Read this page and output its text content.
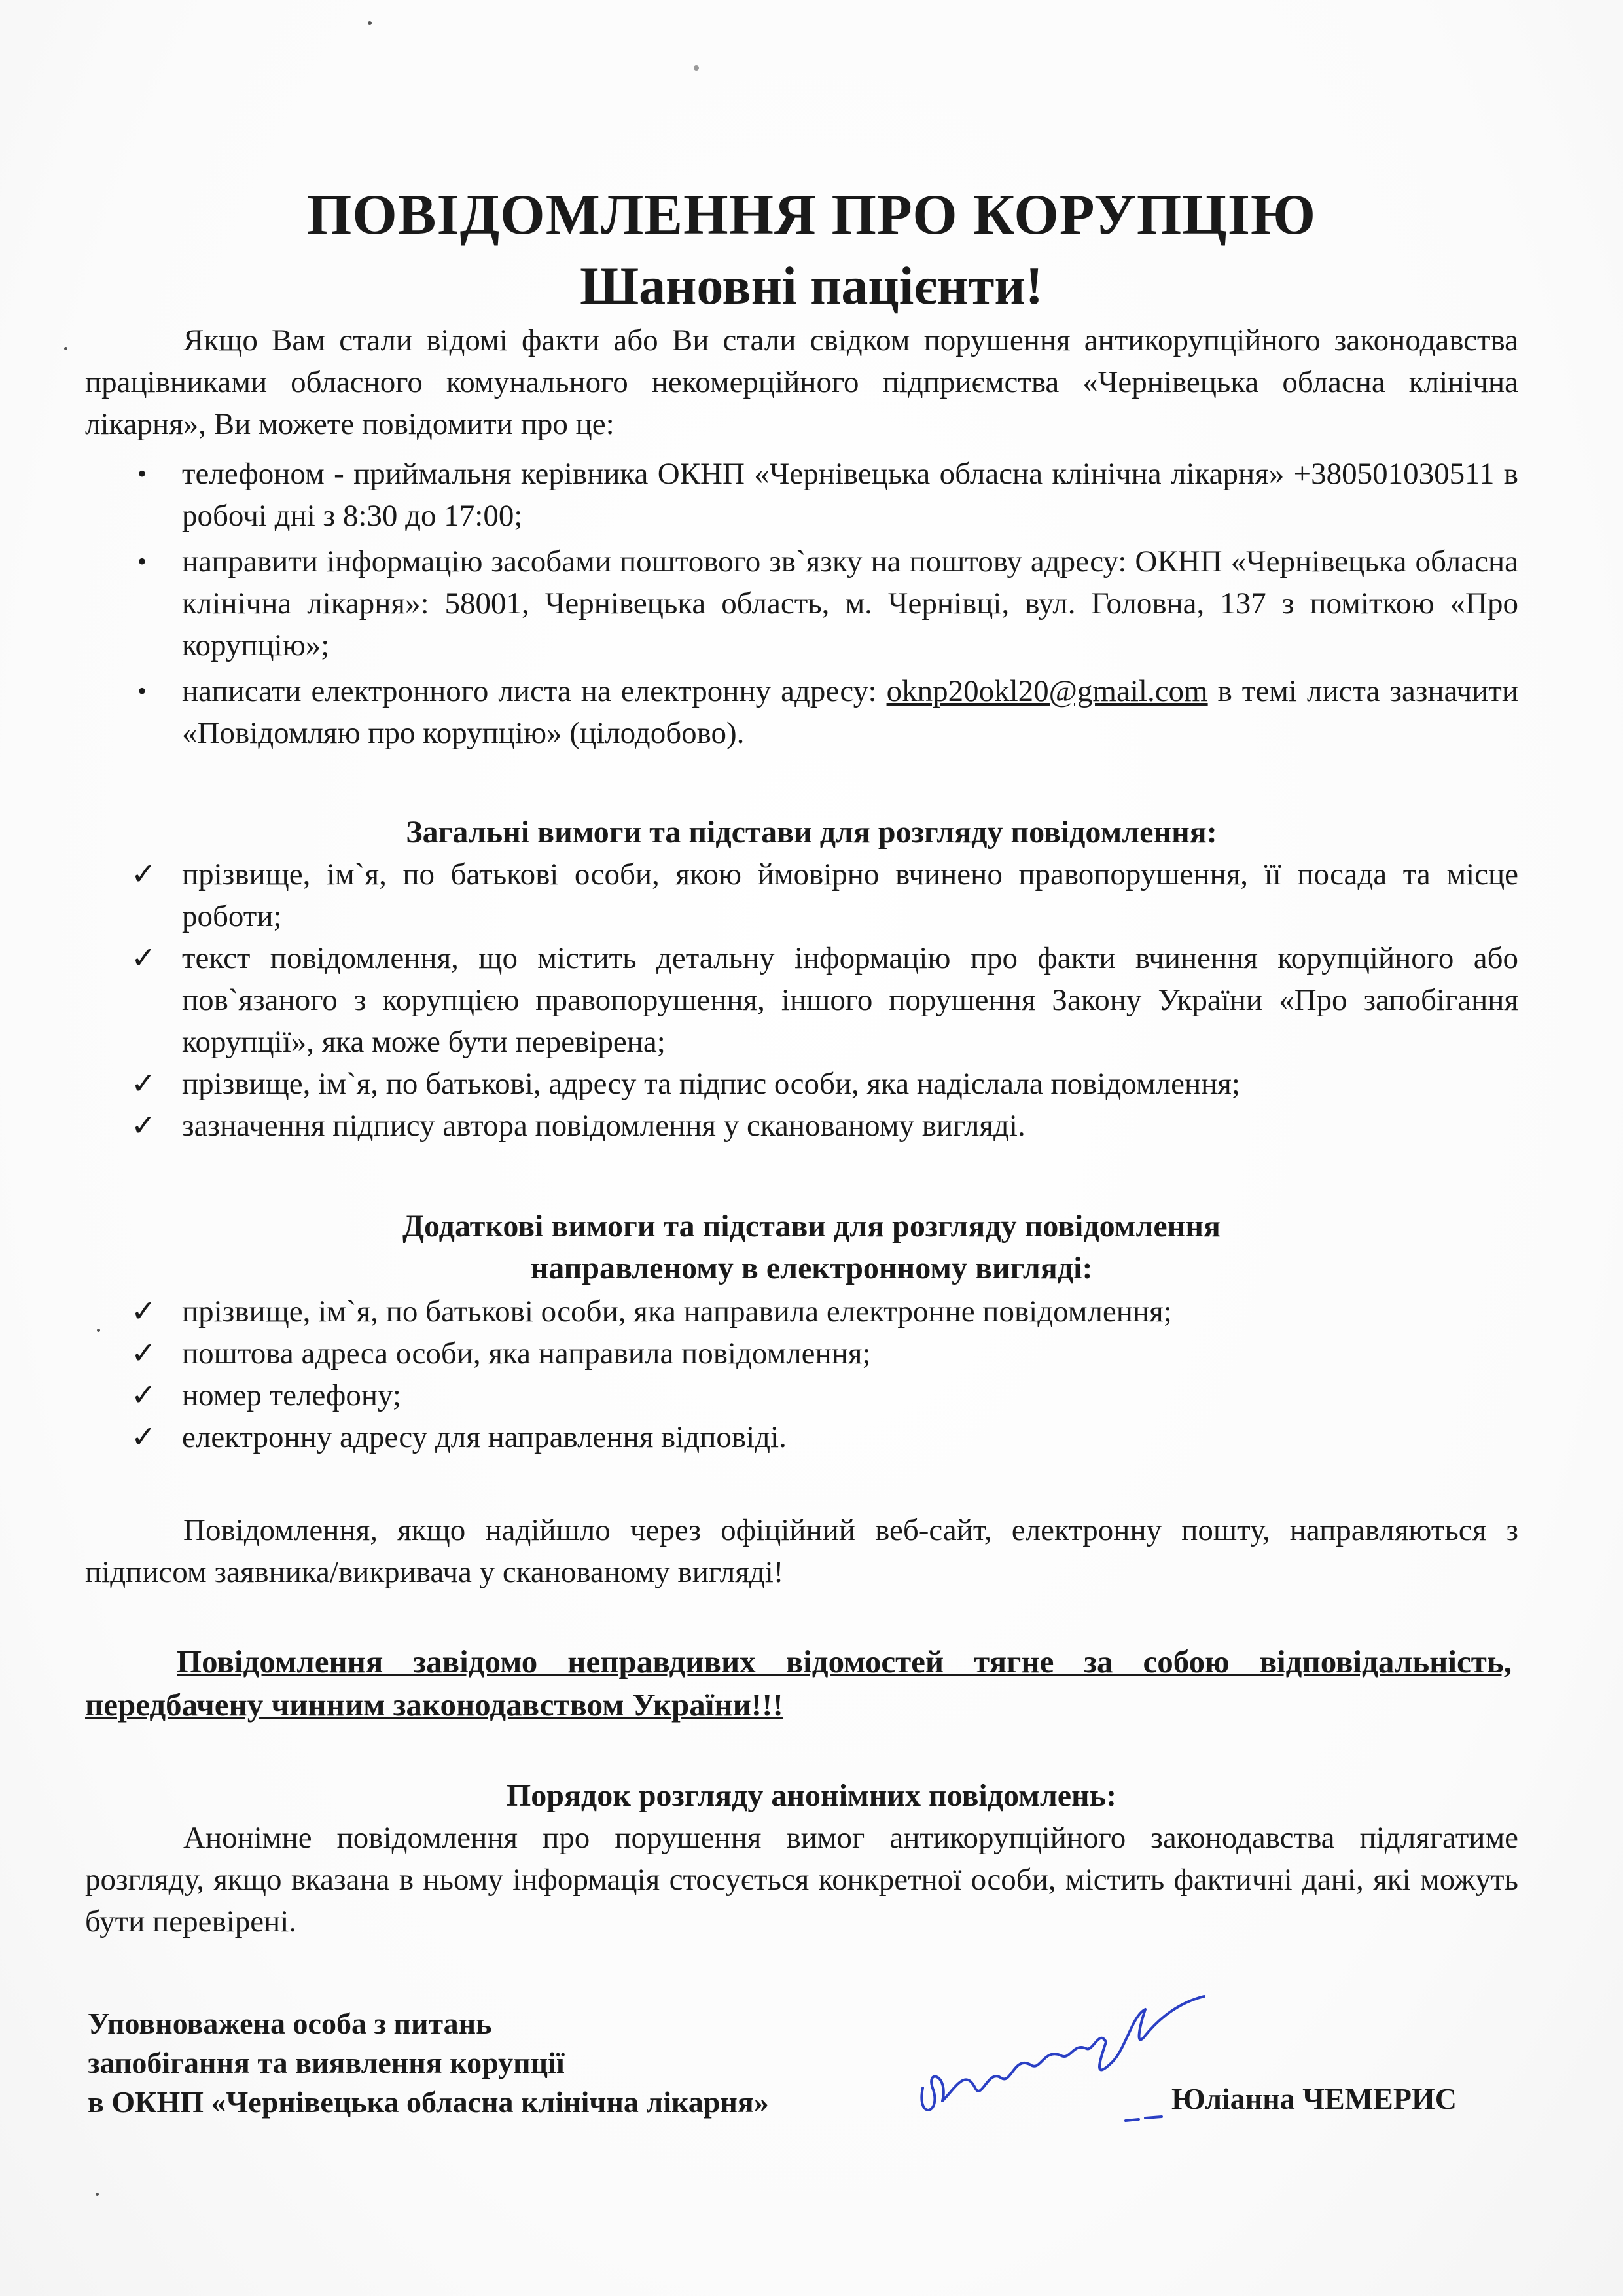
ПОВІДОМЛЕННЯ ПРО КОРУПЦІЮ
Шановні пацієнти!

Якщо Вам стали відомі факти або Ви стали свідком порушення антикорупційного законодавства працівниками обласного комунального некомерційного підприємства «Чернівецька обласна клінічна лікарня», Ви можете повідомити про це:

• телефоном - приймальня керівника ОКНП «Чернівецька обласна клінічна лікарня» +380501030511 в робочі дні з 8:30 до 17:00;
• направити інформацію засобами поштового зв`язку на поштову адресу: ОКНП «Чернівецька обласна клінічна лікарня»: 58001, Чернівецька область, м. Чернівці, вул. Головна, 137 з поміткою «Про корупцію»;
• написати електронного листа на електронну адресу: oknp20okl20@gmail.com в темі листа зазначити «Повідомляю про корупцію» (цілодобово).
Загальні вимоги та підстави для розгляду повідомлення:
✓ прізвище, ім`я, по батькові особи, якою ймовірно вчинено правопорушення, її посада та місце роботи;
✓ текст повідомлення, що містить детальну інформацію про факти вчинення корупційного або пов`язаного з корупцією правопорушення, іншого порушення Закону України «Про запобігання корупції», яка може бути перевірена;
✓ прізвище, ім`я, по батькові, адресу та підпис особи, яка надіслала повідомлення;
✓ зазначення підпису автора повідомлення у сканованому вигляді.
Додаткові вимоги та підстави для розгляду повідомлення
направленому в електронному вигляді:
✓ прізвище, ім`я, по батькові особи, яка направила електронне повідомлення;
✓ поштова адреса особи, яка направила повідомлення;
✓ номер телефону;
✓ електронну адресу для направлення відповіді.

Повідомлення, якщо надійшло через офіційний веб-сайт, електронну пошту, направляються з підписом заявника/викривача у сканованому вигляді!

Повідомлення завідомо неправдивих відомостей тягне за собою відповідальність, передбачену чинним законодавством України!!!

Порядок розгляду анонімних повідомлень:

Анонімне повідомлення про порушення вимог антикорупційного законодавства підлягатиме розгляду, якщо вказана в ньому інформація стосується конкретної особи, містить фактичні дані, які можуть бути перевірені.

Уповноважена особа з питань
запобігання та виявлення корупції
в ОКНП «Чернівецька обласна клінічна лікарня»	Юліанна ЧЕМЕРИС
